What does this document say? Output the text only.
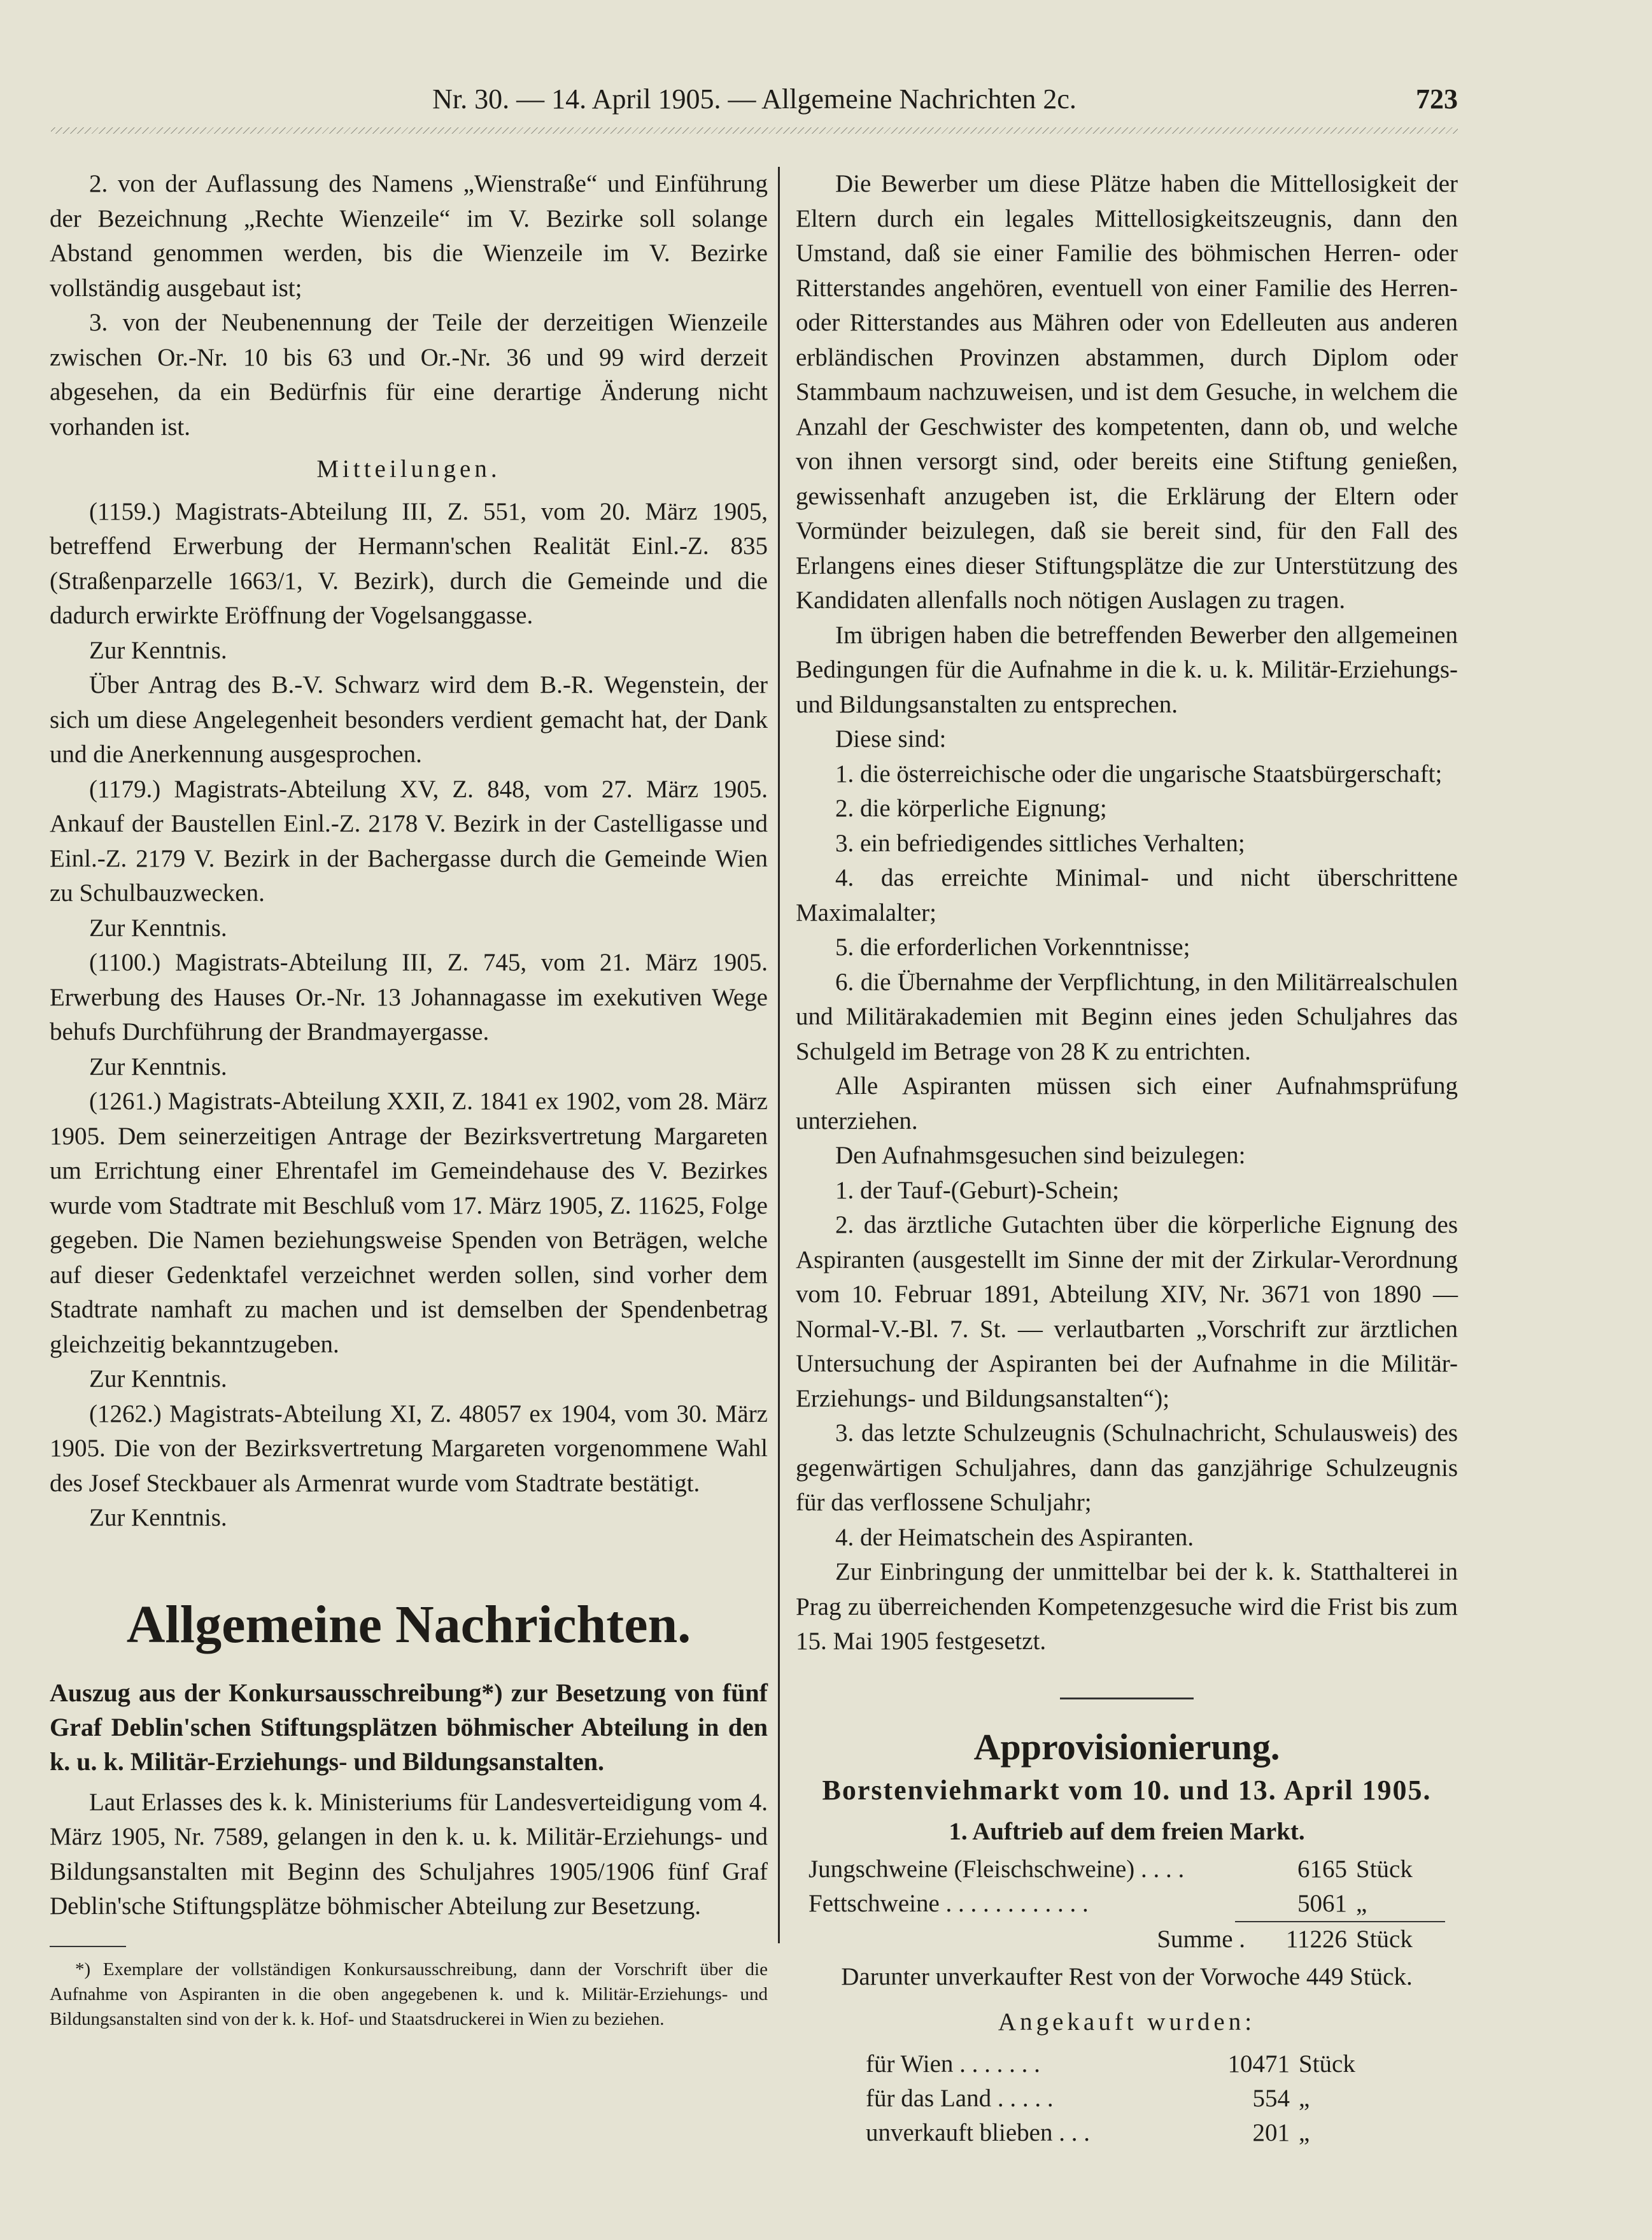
Nr. 30. — 14. April 1905. — Allgemeine Nachrichten 2c.	723

2. von der Auflassung des Namens „Wienstraße“ und Einführung der Bezeichnung „Rechte Wienzeile“ im V. Bezirke soll solange Abstand genommen werden, bis die Wienzeile im V. Bezirke vollständig ausgebaut ist;

3. von der Neubenennung der Teile der derzeitigen Wienzeile zwischen Or.-Nr. 10 bis 63 und Or.-Nr. 36 und 99 wird derzeit abgesehen, da ein Bedürfnis für eine derartige Änderung nicht vorhanden ist.

Mitteilungen.

(1159.) Magistrats-Abteilung III, Z. 551, vom 20. März 1905, betreffend Erwerbung der Hermann'schen Realität Einl.-Z. 835 (Straßenparzelle 1663/1, V. Bezirk), durch die Gemeinde und die dadurch erwirkte Eröffnung der Vogelsanggasse.

Zur Kenntnis.

Über Antrag des B.-V. Schwarz wird dem B.-R. Wegenstein, der sich um diese Angelegenheit besonders verdient gemacht hat, der Dank und die Anerkennung ausgesprochen.

(1179.) Magistrats-Abteilung XV, Z. 848, vom 27. März 1905. Ankauf der Baustellen Einl.-Z. 2178 V. Bezirk in der Castelligasse und Einl.-Z. 2179 V. Bezirk in der Bachergasse durch die Gemeinde Wien zu Schulbauzwecken.

Zur Kenntnis.

(1100.) Magistrats-Abteilung III, Z. 745, vom 21. März 1905. Erwerbung des Hauses Or.-Nr. 13 Johannagasse im exekutiven Wege behufs Durchführung der Brandmayergasse.

Zur Kenntnis.

(1261.) Magistrats-Abteilung XXII, Z. 1841 ex 1902, vom 28. März 1905. Dem seinerzeitigen Antrage der Bezirksvertretung Margareten um Errichtung einer Ehrentafel im Gemeindehause des V. Bezirkes wurde vom Stadtrate mit Beschluß vom 17. März 1905, Z. 11625, Folge gegeben. Die Namen beziehungsweise Spenden von Beträgen, welche auf dieser Gedenktafel verzeichnet werden sollen, sind vorher dem Stadtrate namhaft zu machen und ist demselben der Spendenbetrag gleichzeitig bekanntzugeben.

Zur Kenntnis.

(1262.) Magistrats-Abteilung XI, Z. 48057 ex 1904, vom 30. März 1905. Die von der Bezirksvertretung Margareten vorgenommene Wahl des Josef Steckbauer als Armenrat wurde vom Stadtrate bestätigt.

Zur Kenntnis.

Allgemeine Nachrichten.

Auszug aus der Konkursausschreibung*) zur Besetzung von fünf Graf Deblin'schen Stiftungsplätzen böhmischer Abteilung in den k. u. k. Militär-Erziehungs- und Bildungsanstalten.

Laut Erlasses des k. k. Ministeriums für Landesverteidigung vom 4. März 1905, Nr. 7589, gelangen in den k. u. k. Militär-Erziehungs- und Bildungsanstalten mit Beginn des Schuljahres 1905/1906 fünf Graf Deblin'sche Stiftungsplätze böhmischer Abteilung zur Besetzung.

*) Exemplare der vollständigen Konkursausschreibung, dann der Vorschrift über die Aufnahme von Aspiranten in die oben angegebenen k. und k. Militär-Erziehungs- und Bildungsanstalten sind von der k. k. Hof- und Staatsdruckerei in Wien zu beziehen.

Die Bewerber um diese Plätze haben die Mittellosigkeit der Eltern durch ein legales Mittellosigkeitszeugnis, dann den Umstand, daß sie einer Familie des böhmischen Herren- oder Ritterstandes angehören, eventuell von einer Familie des Herren- oder Ritterstandes aus Mähren oder von Edelleuten aus anderen erbländischen Provinzen abstammen, durch Diplom oder Stammbaum nachzuweisen, und ist dem Gesuche, in welchem die Anzahl der Geschwister des kompetenten, dann ob, und welche von ihnen versorgt sind, oder bereits eine Stiftung genießen, gewissenhaft anzugeben ist, die Erklärung der Eltern oder Vormünder beizulegen, daß sie bereit sind, für den Fall des Erlangens eines dieser Stiftungsplätze die zur Unterstützung des Kandidaten allenfalls noch nötigen Auslagen zu tragen.

Im übrigen haben die betreffenden Bewerber den allgemeinen Bedingungen für die Aufnahme in die k. u. k. Militär-Erziehungs- und Bildungsanstalten zu entsprechen.

Diese sind:

1. die österreichische oder die ungarische Staatsbürgerschaft;

2. die körperliche Eignung;

3. ein befriedigendes sittliches Verhalten;

4. das erreichte Minimal- und nicht überschrittene Maximalalter;

5. die erforderlichen Vorkenntnisse;

6. die Übernahme der Verpflichtung, in den Militärrealschulen und Militärakademien mit Beginn eines jeden Schuljahres das Schulgeld im Betrage von 28 K zu entrichten.

Alle Aspiranten müssen sich einer Aufnahmsprüfung unterziehen.

Den Aufnahmsgesuchen sind beizulegen:

1. der Tauf-(Geburt)-Schein;

2. das ärztliche Gutachten über die körperliche Eignung des Aspiranten (ausgestellt im Sinne der mit der Zirkular-Verordnung vom 10. Februar 1891, Abteilung XIV, Nr. 3671 von 1890 — Normal-V.-Bl. 7. St. — verlautbarten „Vorschrift zur ärztlichen Untersuchung der Aspiranten bei der Aufnahme in die Militär-Erziehungs- und Bildungsanstalten“);

3. das letzte Schulzeugnis (Schulnachricht, Schulausweis) des gegenwärtigen Schuljahres, dann das ganzjährige Schulzeugnis für das verflossene Schuljahr;

4. der Heimatschein des Aspiranten.

Zur Einbringung der unmittelbar bei der k. k. Statthalterei in Prag zu überreichenden Kompetenzgesuche wird die Frist bis zum 15. Mai 1905 festgesetzt.

Approvisionierung.

Borstenviehmarkt vom 10. und 13. April 1905.

1. Auftrieb auf dem freien Markt.

Jungschweine (Fleischschweine) . . . .	6165 Stück
Fettschweine . . . . . . . . . . . .	5061 „
Summe .	11226 Stück

Darunter unverkaufter Rest von der Vorwoche 449 Stück.

Angekauft wurden:

für Wien . . . . . . .	10471 Stück
für das Land . . . . .	554 „
unverkauft blieben . . .	201 „
